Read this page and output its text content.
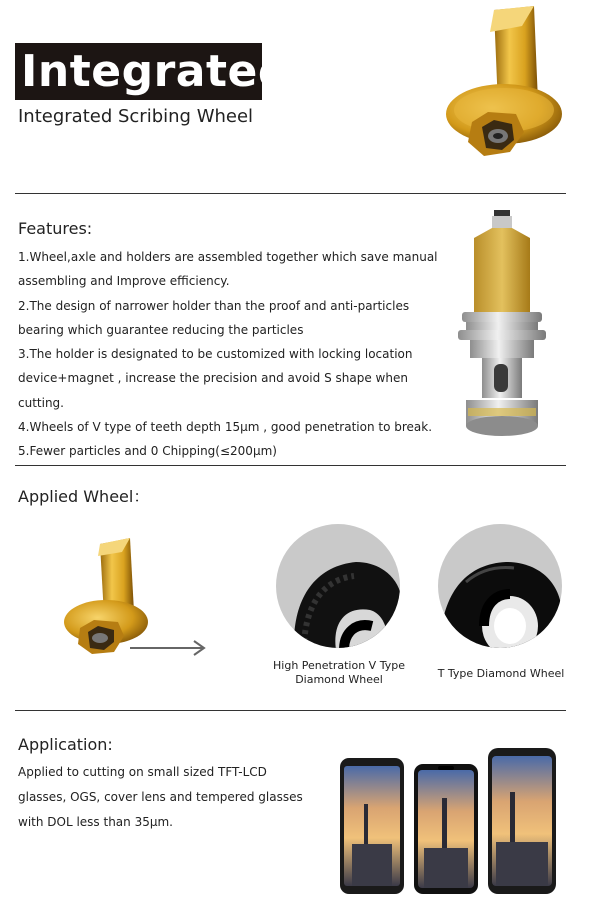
Integrated
Integrated Scribing Wheel
Features:

1.Wheel,axle and holders are assembled together which save manual assembling and Improve efficiency.

2.The design of narrower holder than the proof and anti-particles bearing which guarantee reducing the particles

3.The holder is designated to be customized with locking location device+magnet , increase the precision and avoid S shape when cutting.

4.Wheels of V type of teeth depth 15μm , good penetration to break.

5.Fewer particles and 0 Chipping(≤200μm)

Applied Wheel：
High Penetration V Type Diamond Wheel	T Type Diamond Wheel
Application:

Applied to cutting on small sized TFT-LCD glasses, OGS, cover lens and tempered glasses with DOL less than 35μm.
